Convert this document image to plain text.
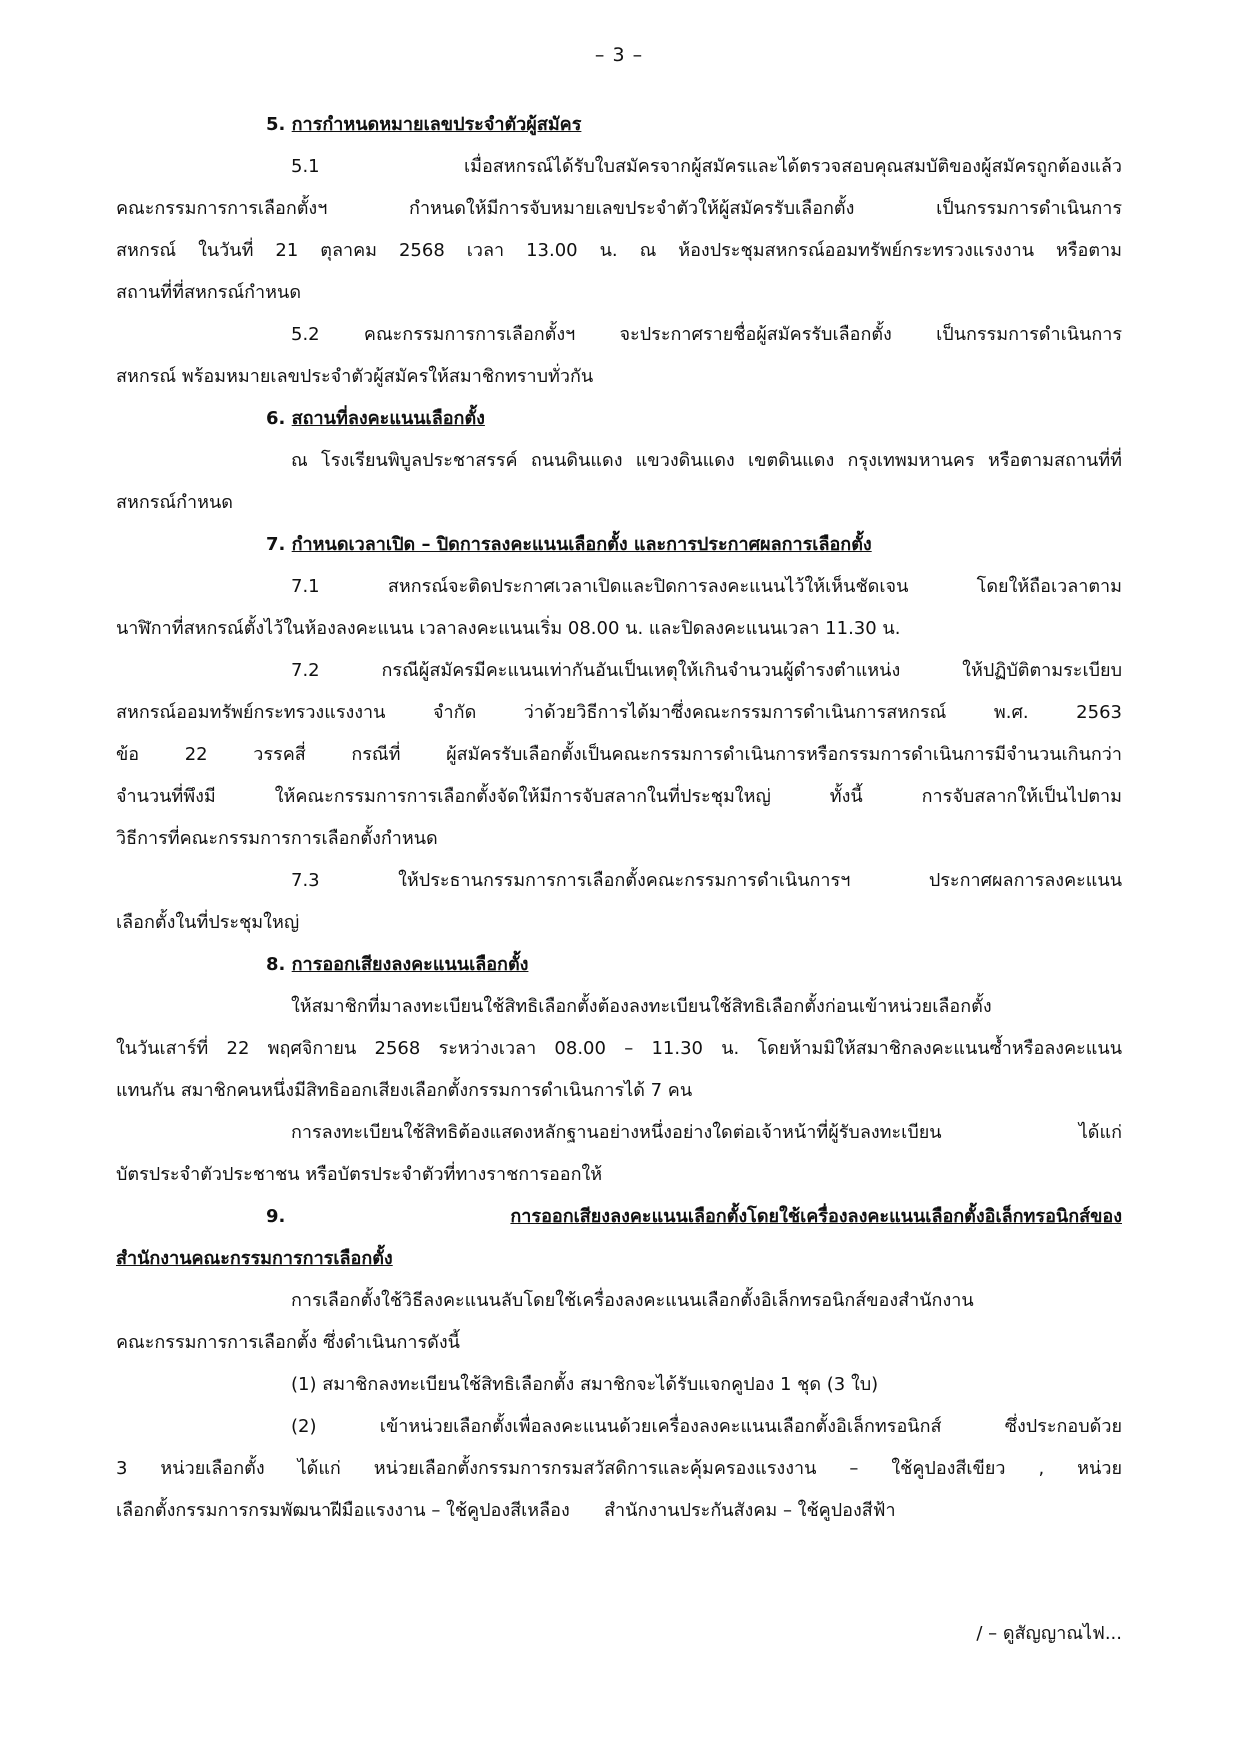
– 3 –
5. การกำหนดหมายเลขประจำตัวผู้สมัคร
5.1 เมื่อสหกรณ์ได้รับใบสมัครจากผู้สมัครและได้ตรวจสอบคุณสมบัติของผู้สมัครถูกต้องแล้ว
คณะกรรมการการเลือกตั้งฯ กำหนดให้มีการจับหมายเลขประจำตัวให้ผู้สมัครรับเลือกตั้ง เป็นกรรมการดำเนินการ
สหกรณ์ ในวันที่ 21 ตุลาคม 2568 เวลา 13.00 น. ณ ห้องประชุมสหกรณ์ออมทรัพย์กระทรวงแรงงาน หรือตาม
สถานที่ที่สหกรณ์กำหนด
5.2 คณะกรรมการการเลือกตั้งฯ จะประกาศรายชื่อผู้สมัครรับเลือกตั้ง เป็นกรรมการดำเนินการ
สหกรณ์ พร้อมหมายเลขประจำตัวผู้สมัครให้สมาชิกทราบทั่วกัน
6. สถานที่ลงคะแนนเลือกตั้ง
ณ โรงเรียนพิบูลประชาสรรค์ ถนนดินแดง แขวงดินแดง เขตดินแดง กรุงเทพมหานคร หรือตามสถานที่ที่
สหกรณ์กำหนด
7. กำหนดเวลาเปิด – ปิดการลงคะแนนเลือกตั้ง และการประกาศผลการเลือกตั้ง
7.1 สหกรณ์จะติดประกาศเวลาเปิดและปิดการลงคะแนนไว้ให้เห็นชัดเจน โดยให้ถือเวลาตาม
นาฬิกาที่สหกรณ์ตั้งไว้ในห้องลงคะแนน เวลาลงคะแนนเริ่ม 08.00 น. และปิดลงคะแนนเวลา 11.30 น.
7.2 กรณีผู้สมัครมีคะแนนเท่ากันอันเป็นเหตุให้เกินจำนวนผู้ดำรงตำแหน่ง ให้ปฏิบัติตามระเบียบ
สหกรณ์ออมทรัพย์กระทรวงแรงงาน จำกัด ว่าด้วยวิธีการได้มาซึ่งคณะกรรมการดำเนินการสหกรณ์ พ.ศ. 2563
ข้อ 22 วรรคสี่ กรณีที่ ผู้สมัครรับเลือกตั้งเป็นคณะกรรมการดำเนินการหรือกรรมการดำเนินการมีจำนวนเกินกว่า
จำนวนที่พึงมี ให้คณะกรรมการการเลือกตั้งจัดให้มีการจับสลากในที่ประชุมใหญ่ ทั้งนี้ การจับสลากให้เป็นไปตาม
วิธีการที่คณะกรรมการการเลือกตั้งกำหนด
7.3 ให้ประธานกรรมการการเลือกตั้งคณะกรรมการดำเนินการฯ ประกาศผลการลงคะแนน
เลือกตั้งในที่ประชุมใหญ่
8. การออกเสียงลงคะแนนเลือกตั้ง
ให้สมาชิกที่มาลงทะเบียนใช้สิทธิเลือกตั้งต้องลงทะเบียนใช้สิทธิเลือกตั้งก่อนเข้าหน่วยเลือกตั้ง
ในวันเสาร์ที่ 22 พฤศจิกายน 2568 ระหว่างเวลา 08.00 – 11.30 น. โดยห้ามมิให้สมาชิกลงคะแนนซ้ำหรือลงคะแนน
แทนกัน สมาชิกคนหนึ่งมีสิทธิออกเสียงเลือกตั้งกรรมการดำเนินการได้ 7 คน
การลงทะเบียนใช้สิทธิต้องแสดงหลักฐานอย่างหนึ่งอย่างใดต่อเจ้าหน้าที่ผู้รับลงทะเบียน ได้แก่
บัตรประจำตัวประชาชน หรือบัตรประจำตัวที่ทางราชการออกให้
9.	การออกเสียงลงคะแนนเลือกตั้งโดยใช้เครื่องลงคะแนนเลือกตั้งอิเล็กทรอนิกส์ของ
สำนักงานคณะกรรมการการเลือกตั้ง
การเลือกตั้งใช้วิธีลงคะแนนลับโดยใช้เครื่องลงคะแนนเลือกตั้งอิเล็กทรอนิกส์ของสำนักงาน
คณะกรรมการการเลือกตั้ง ซึ่งดำเนินการดังนี้
(1) สมาชิกลงทะเบียนใช้สิทธิเลือกตั้ง สมาชิกจะได้รับแจกคูปอง 1 ชุด (3 ใบ)
(2) เข้าหน่วยเลือกตั้งเพื่อลงคะแนนด้วยเครื่องลงคะแนนเลือกตั้งอิเล็กทรอนิกส์ ซึ่งประกอบด้วย
3 หน่วยเลือกตั้ง ได้แก่ หน่วยเลือกตั้งกรรมการกรมสวัสดิการและคุ้มครองแรงงาน – ใช้คูปองสีเขียว , หน่วย
เลือกตั้งกรรมการกรมพัฒนาฝีมือแรงงาน – ใช้คูปองสีเหลือง      สำนักงานประกันสังคม – ใช้คูปองสีฟ้า
/ – ดูสัญญาณไฟ...
